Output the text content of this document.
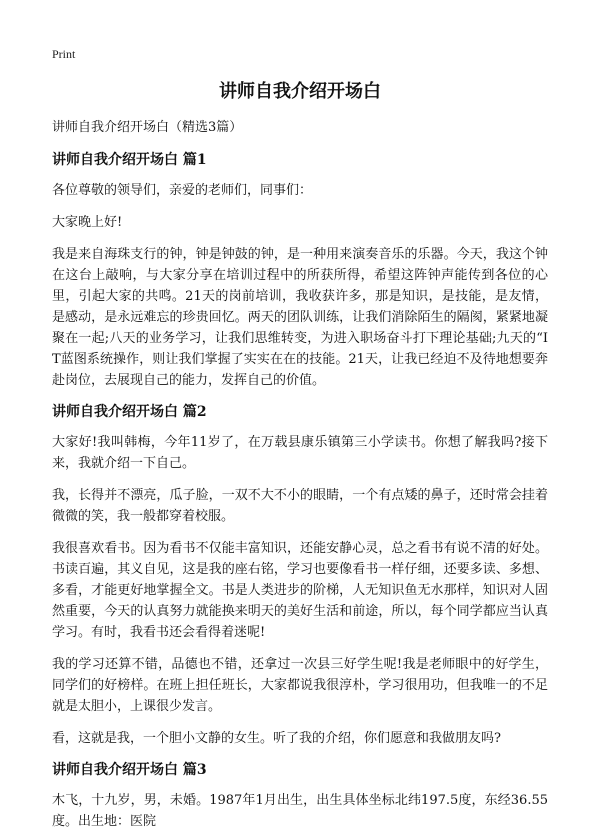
Print
讲师自我介绍开场白

讲师自我介绍开场白（精选3篇）

讲师自我介绍开场白 篇1

各位尊敬的领导们，亲爱的老师们，同事们：

大家晚上好!

我是来自海珠支行的钟，钟是钟鼓的钟，是一种用来演奏音乐的乐器。今天，我这个钟在这台上敲响，与大家分享在培训过程中的所获所得，希望这阵钟声能传到各位的心里，引起大家的共鸣。21天的岗前培训，我收获许多，那是知识，是技能，是友情，是感动，是永远难忘的珍贵回忆。两天的团队训练，让我们消除陌生的隔阂，紧紧地凝聚在一起;八天的业务学习，让我们思维转变，为进入职场奋斗打下理论基础;九天的“IT蓝图系统操作，则让我们掌握了实实在在的技能。21天，让我已经迫不及待地想要奔赴岗位，去展现自己的能力，发挥自己的价值。

讲师自我介绍开场白 篇2

大家好!我叫韩梅，今年11岁了，在万载县康乐镇第三小学读书。你想了解我吗?接下来，我就介绍一下自己。

我，长得并不漂亮，瓜子脸，一双不大不小的眼睛，一个有点矮的鼻子，还时常会挂着微微的笑，我一般都穿着校服。

我很喜欢看书。因为看书不仅能丰富知识，还能安静心灵，总之看书有说不清的好处。书读百遍，其义自见，这是我的座右铭，学习也要像看书一样仔细，还要多读、多想、多看，才能更好地掌握全文。书是人类进步的阶梯，人无知识鱼无水那样，知识对人固然重要，今天的认真努力就能换来明天的美好生活和前途，所以，每个同学都应当认真学习。有时，我看书还会看得着迷呢!

我的学习还算不错，品德也不错，还拿过一次县三好学生呢!我是老师眼中的好学生，同学们的好榜样。在班上担任班长，大家都说我很淳朴，学习很用功，但我唯一的不足就是太胆小，上课很少发言。

看，这就是我，一个胆小文静的女生。听了我的介绍，你们愿意和我做朋友吗?

讲师自我介绍开场白 篇3

木飞，十九岁，男，未婚。1987年1月出生，出生具体坐标北纬197.5度，东经36.55度。出生地：医院
